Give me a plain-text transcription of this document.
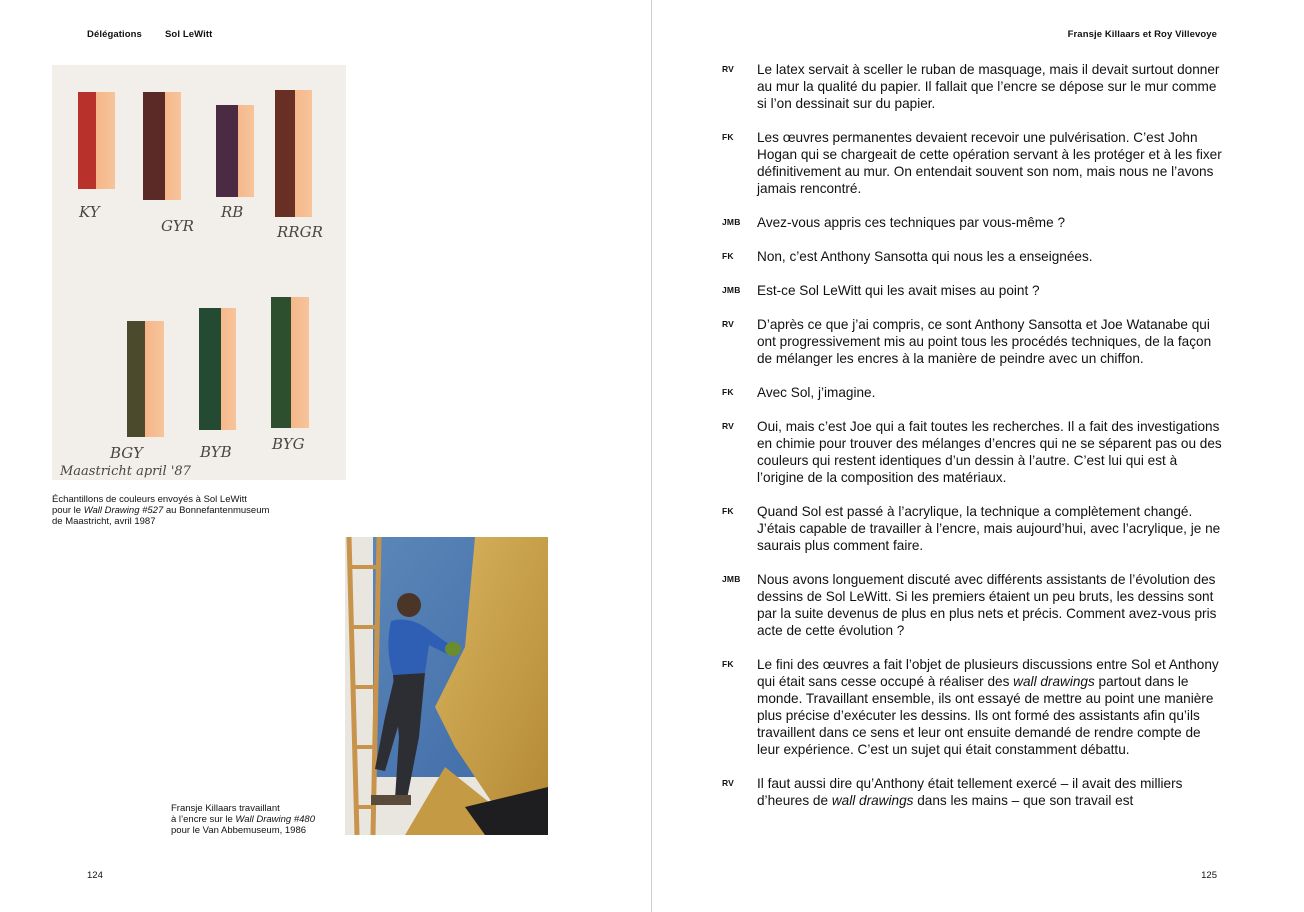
Délégations Sol LeWitt
KY
GYR
RB
RRGR
BGY	BYB	BYG
Maastricht april '87
Échantillons de couleurs envoyés à Sol LeWitt
pour le Wall Drawing #527 au Bonnefantenmuseum
de Maastricht, avril 1987
Fransje Killaars travaillant
à l’encre sur le Wall Drawing #480
pour le Van Abbemuseum, 1986
124
Fransje Killaars et Roy Villevoye
125
RV	Le latex servait à sceller le ruban de masquage, mais il devait surtout donner au mur la qualité du papier. Il fallait que l’encre se dépose sur le mur comme si l’on dessinait sur du papier.
FK	Les œuvres permanentes devaient recevoir une pulvérisation. C’est John Hogan qui se chargeait de cette opération servant à les protéger et à les fixer définitivement au mur. On entendait souvent son nom, mais nous ne l’avons jamais rencontré.
JMB	Avez-vous appris ces techniques par vous-même ?
FK	Non, c’est Anthony Sansotta qui nous les a enseignées.
JMB	Est-ce Sol LeWitt qui les avait mises au point ?
RV	D’après ce que j’ai compris, ce sont Anthony Sansotta et Joe Watanabe qui ont progressivement mis au point tous les procédés techniques, de la façon de mélanger les encres à la manière de peindre avec un chiffon.
FK	Avec Sol, j’imagine.
RV	Oui, mais c’est Joe qui a fait toutes les recherches. Il a fait des investigations en chimie pour trouver des mélanges d’encres qui ne se séparent pas ou des couleurs qui restent identiques d’un dessin à l’autre. C’est lui qui est à l’origine de la composition des matériaux.
FK	Quand Sol est passé à l’acrylique, la technique a complètement changé. J’étais capable de travailler à l’encre, mais aujourd’hui, avec l’acrylique, je ne saurais plus comment faire.
JMB	Nous avons longuement discuté avec différents assistants de l’évolution des dessins de Sol LeWitt. Si les premiers étaient un peu bruts, les dessins sont par la suite devenus de plus en plus nets et précis. Comment avez-vous pris acte de cette évolution ?
FK	Le fini des œuvres a fait l’objet de plusieurs discussions entre Sol et Anthony qui était sans cesse occupé à réaliser des wall drawings partout dans le monde. Travaillant ensemble, ils ont essayé de mettre au point une manière plus précise d’exécuter les dessins. Ils ont formé des assistants afin qu’ils travaillent dans ce sens et leur ont ensuite demandé de rendre compte de leur expérience. C’est un sujet qui était constamment débattu.
RV	Il faut aussi dire qu’Anthony était tellement exercé – il avait des milliers d’heures de wall drawings dans les mains – que son travail est
